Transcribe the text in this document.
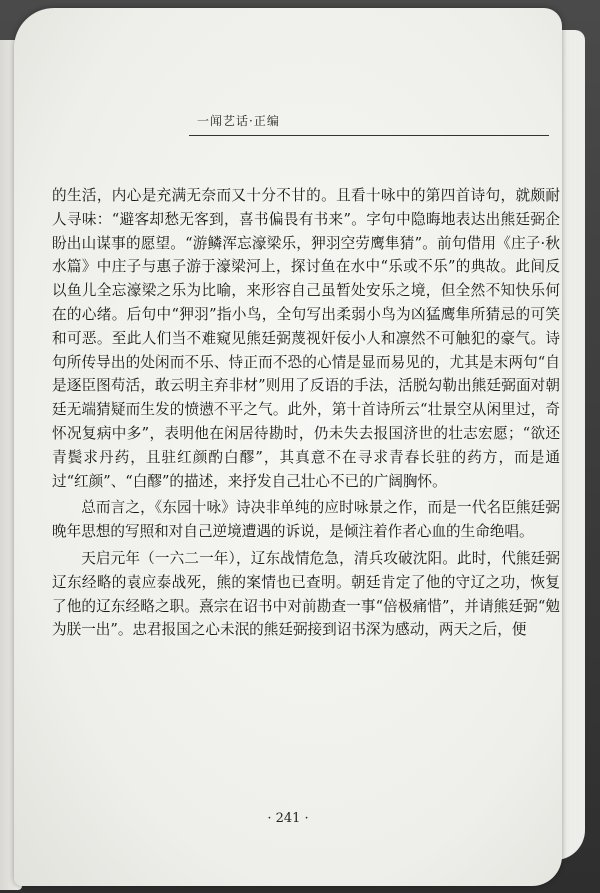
一闻艺话·正编

的生活，内心是充满无奈而又十分不甘的。且看十咏中的第四首诗句，就颇耐人寻味：“避客却愁无客到，喜书偏畏有书来”。字句中隐晦地表达出熊廷弼企盼出山谋事的愿望。“游鳞浑忘濠梁乐，狎羽空劳鹰隼猜”。前句借用《庄子·秋水篇》中庄子与惠子游于濠梁河上，探讨鱼在水中“乐或不乐”的典故。此间反以鱼儿全忘濠梁之乐为比喻，来形容自己虽暂处安乐之境，但全然不知快乐何在的心绪。后句中“狎羽”指小鸟，全句写出柔弱小鸟为凶猛鹰隼所猜忌的可笑和可恶。至此人们当不难窥见熊廷弼蔑视奸佞小人和凛然不可触犯的豪气。诗句所传导出的处闲而不乐、恃正而不恐的心情是显而易见的，尤其是末两句“自是逐臣图苟活，敢云明主弃非材”则用了反语的手法，活脱勾勒出熊廷弼面对朝廷无端猜疑而生发的愤懑不平之气。此外，第十首诗所云“壮景空从闲里过，奇怀况复病中多”，表明他在闲居待勘时，仍未失去报国济世的壮志宏愿；“欲还青鬓求丹药，且驻红颜酌白醪”，其真意不在寻求青春长驻的药方，而是通过“红颜”、“白醪”的描述，来抒发自己壮心不已的广阔胸怀。

总而言之，《东园十咏》诗决非单纯的应时咏景之作，而是一代名臣熊廷弼晚年思想的写照和对自己逆境遭遇的诉说，是倾注着作者心血的生命绝唱。

天启元年（一六二一年），辽东战情危急，清兵攻破沈阳。此时，代熊廷弼辽东经略的袁应泰战死，熊的案情也已查明。朝廷肯定了他的守辽之功，恢复了他的辽东经略之职。熹宗在诏书中对前勘查一事“倍极痛惜”，并请熊廷弼“勉为朕一出”。忠君报国之心未泯的熊廷弼接到诏书深为感动，两天之后，便

· 241 ·
